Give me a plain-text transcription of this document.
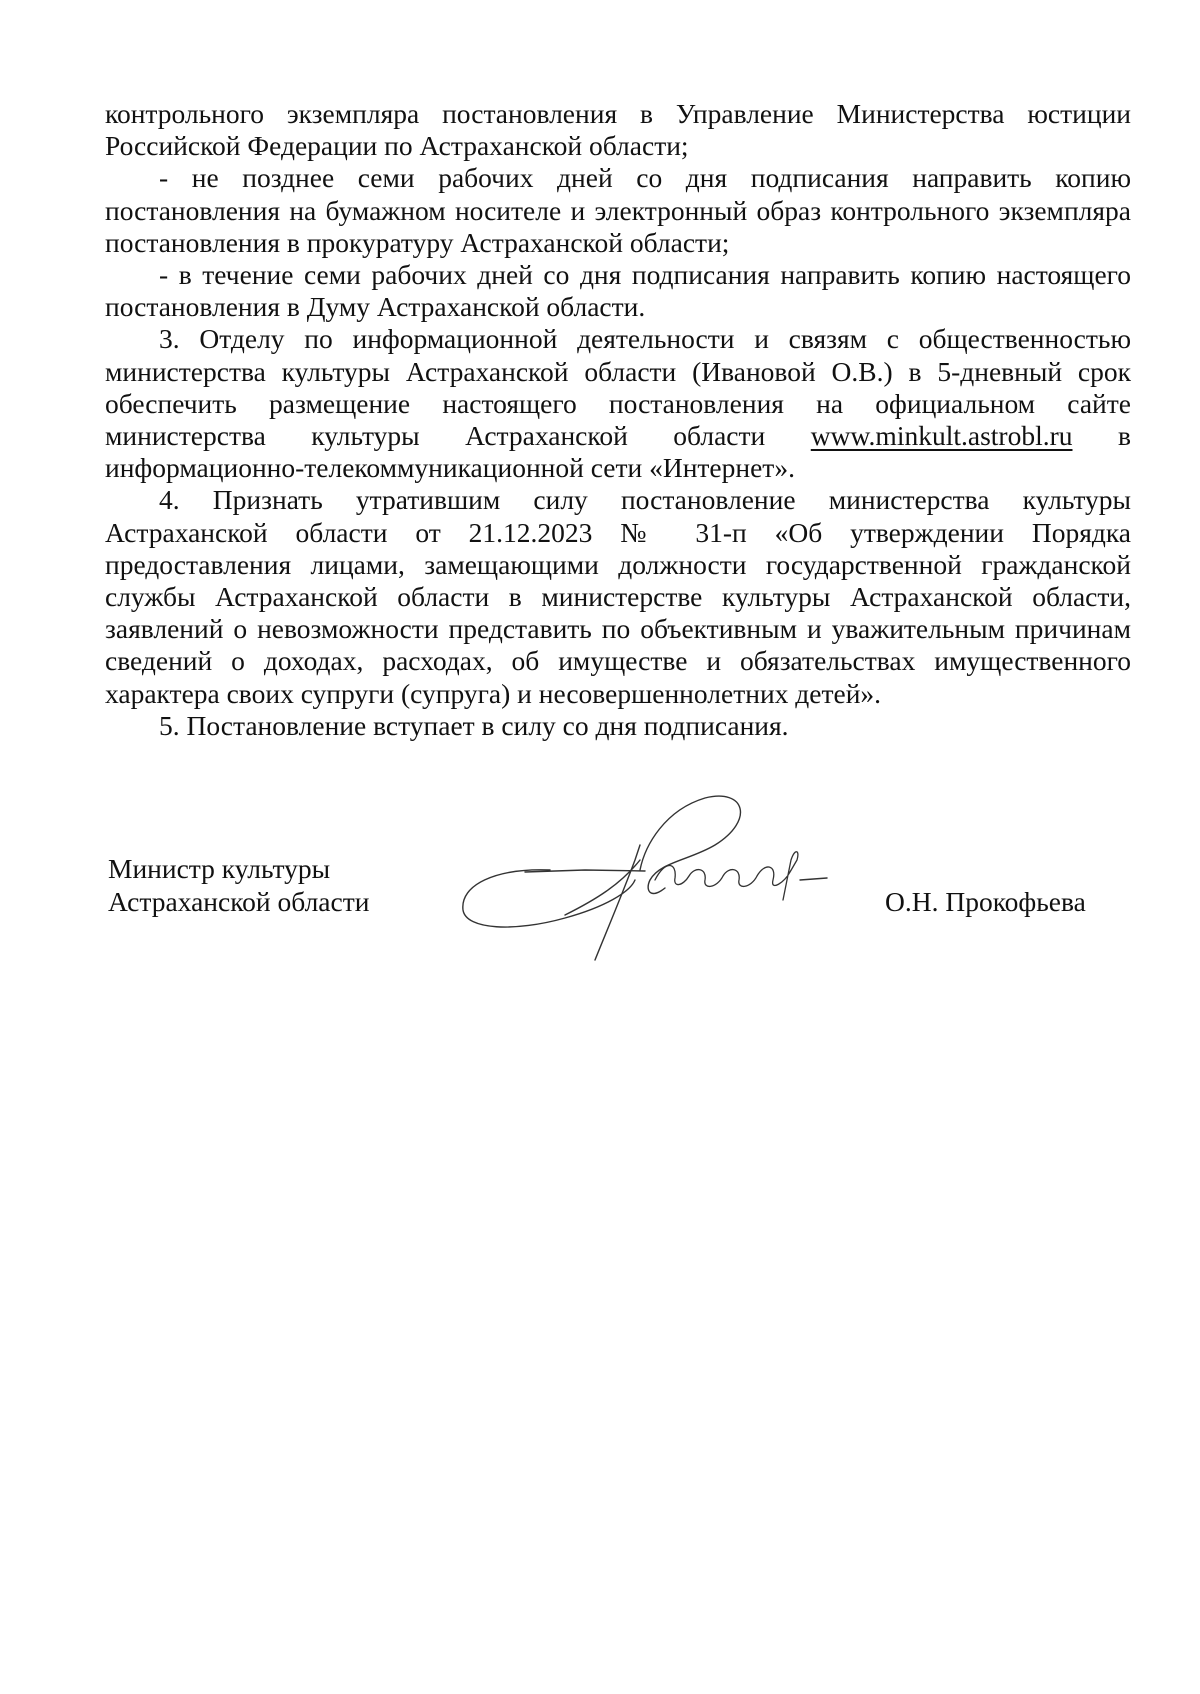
контрольного экземпляра постановления в Управление Министерства юстиции Российской Федерации по Астраханской области;

- не позднее семи рабочих дней со дня подписания направить копию постановления на бумажном носителе и электронный образ контрольного экземпляра постановления в прокуратуру Астраханской области;

- в течение семи рабочих дней со дня подписания направить копию настоящего постановления в Думу Астраханской области.

3. Отделу по информационной деятельности и связям с общественностью министерства культуры Астраханской области (Ивановой О.В.) в 5-дневный срок обеспечить размещение настоящего постановления на официальном сайте министерства культуры Астраханской области www.minkult.astrobl.ru в информационно-телекоммуникационной сети «Интернет».

4. Признать утратившим силу постановление министерства культуры Астраханской области от 21.12.2023 № 31-п «Об утверждении Порядка предоставления лицами, замещающими должности государственной гражданской службы Астраханской области в министерстве культуры Астраханской области, заявлений о невозможности представить по объективным и уважительным причинам сведений о доходах, расходах, об имуществе и обязательствах имущественного характера своих супруги (супруга) и несовершеннолетних детей».

5. Постановление вступает в силу со дня подписания.

Министр культуры
Астраханской области	О.Н. Прокофьева
